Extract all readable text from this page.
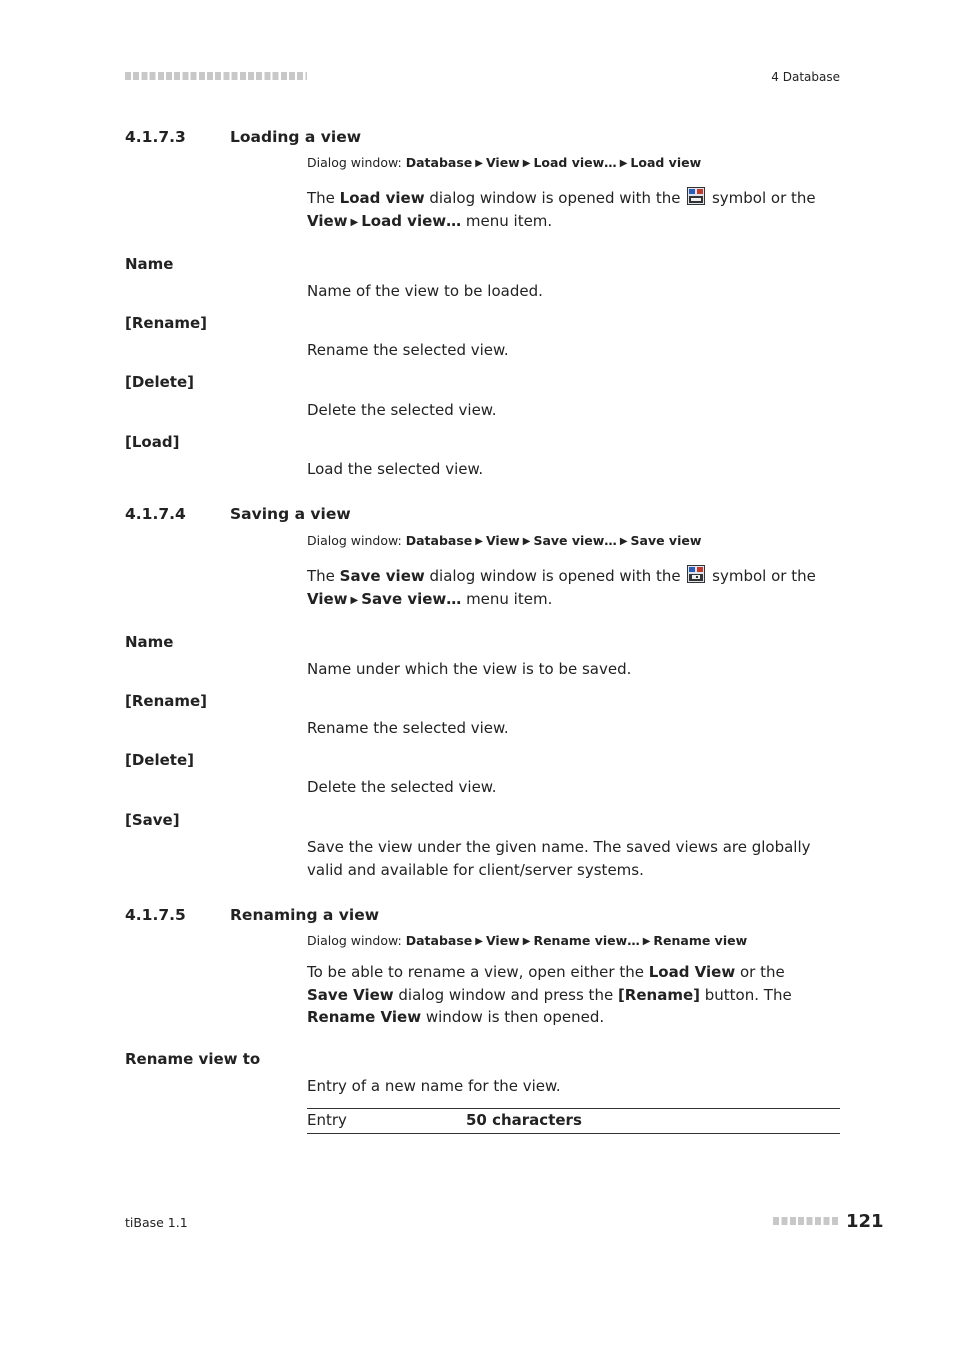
4 Database
4.1.7.3	Loading a view
Dialog window: Database ▶ View ▶ Load view… ▶ Load view
The Load view dialog window is opened with the  symbol or the
View ▶ Load view… menu item.
Name
Name of the view to be loaded.
[Rename]
Rename the selected view.
[Delete]
Delete the selected view.
[Load]
Load the selected view.
4.1.7.4	Saving a view
Dialog window: Database ▶ View ▶ Save view… ▶ Save view
The Save view dialog window is opened with the  symbol or the
View ▶ Save view… menu item.
Name
Name under which the view is to be saved.
[Rename]
Rename the selected view.
[Delete]
Delete the selected view.
[Save]
Save the view under the given name. The saved views are globally valid and available for client/server systems.
4.1.7.5	Renaming a view
Dialog window: Database ▶ View ▶ Rename view… ▶ Rename view
To be able to rename a view, open either the Load View or the Save View dialog window and press the [Rename] button. The Rename View window is then opened.
Rename view to
Entry of a new name for the view.
Entry	50 characters
tiBase 1.1	121
